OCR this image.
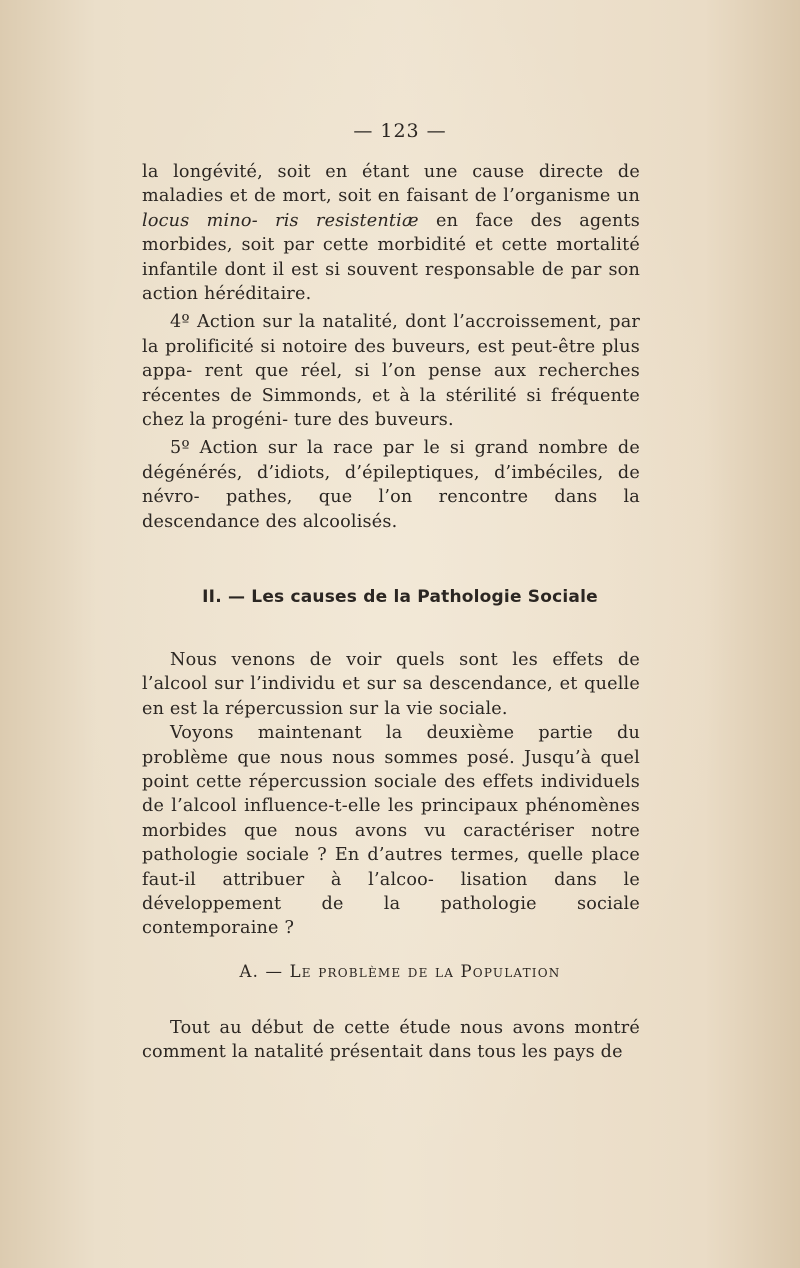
— 123 —

la longévité, soit en étant une cause directe de maladies et de mort, soit en faisant de l’organisme un locus mino- ris resistentiæ en face des agents morbides, soit par cette morbidité et cette mortalité infantile dont il est si souvent responsable de par son action héréditaire.

4º Action sur la natalité, dont l’accroissement, par la prolificité si notoire des buveurs, est peut-être plus appa- rent que réel, si l’on pense aux recherches récentes de Simmonds, et à la stérilité si fréquente chez la progéni- ture des buveurs.

5º Action sur la race par le si grand nombre de dégénérés, d’idiots, d’épileptiques, d’imbéciles, de névro- pathes, que l’on rencontre dans la descendance des alcoolisés.

II. — Les causes de la Pathologie Sociale

Nous venons de voir quels sont les effets de l’alcool sur l’individu et sur sa descendance, et quelle en est la répercussion sur la vie sociale.

Voyons maintenant la deuxième partie du problème que nous nous sommes posé. Jusqu’à quel point cette répercussion sociale des effets individuels de l’alcool influence-t-elle les principaux phénomènes morbides que nous avons vu caractériser notre pathologie sociale ? En d’autres termes, quelle place faut-il attribuer à l’alcoo- lisation dans le développement de la pathologie sociale contemporaine ?

A. — Le problème de la Population

Tout au début de cette étude nous avons montré comment la natalité présentait dans tous les pays de
